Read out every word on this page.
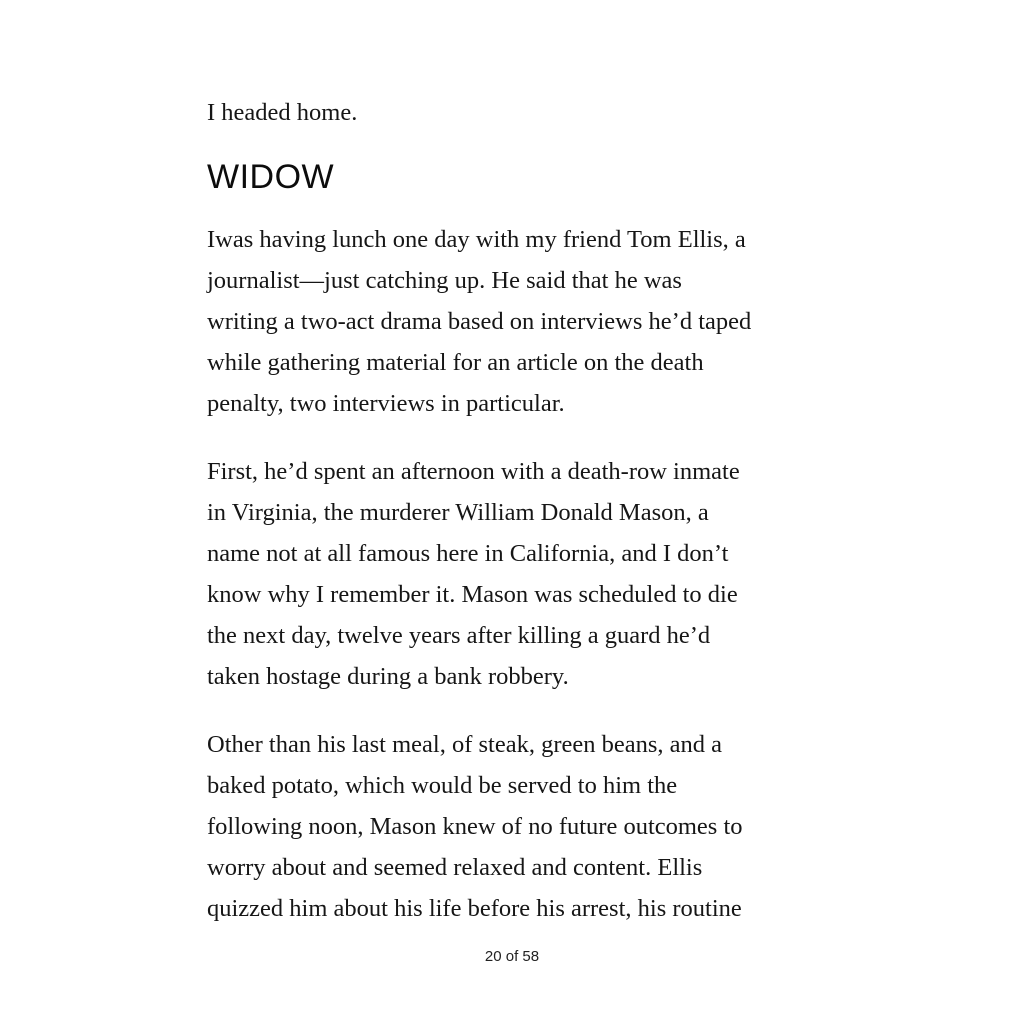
I headed home.
WIDOW
Iwas having lunch one day with my friend Tom Ellis, a
journalist—just catching up. He said that he was
writing a two-act drama based on interviews he’d taped
while gathering material for an article on the death
penalty, two interviews in particular.
First, he’d spent an afternoon with a death-row inmate
in Virginia, the murderer William Donald Mason, a
name not at all famous here in California, and I don’t
know why I remember it. Mason was scheduled to die
the next day, twelve years after killing a guard he’d
taken hostage during a bank robbery.
Other than his last meal, of steak, green beans, and a
baked potato, which would be served to him the
following noon, Mason knew of no future outcomes to
worry about and seemed relaxed and content. Ellis
quizzed him about his life before his arrest, his routine
20 of 58
